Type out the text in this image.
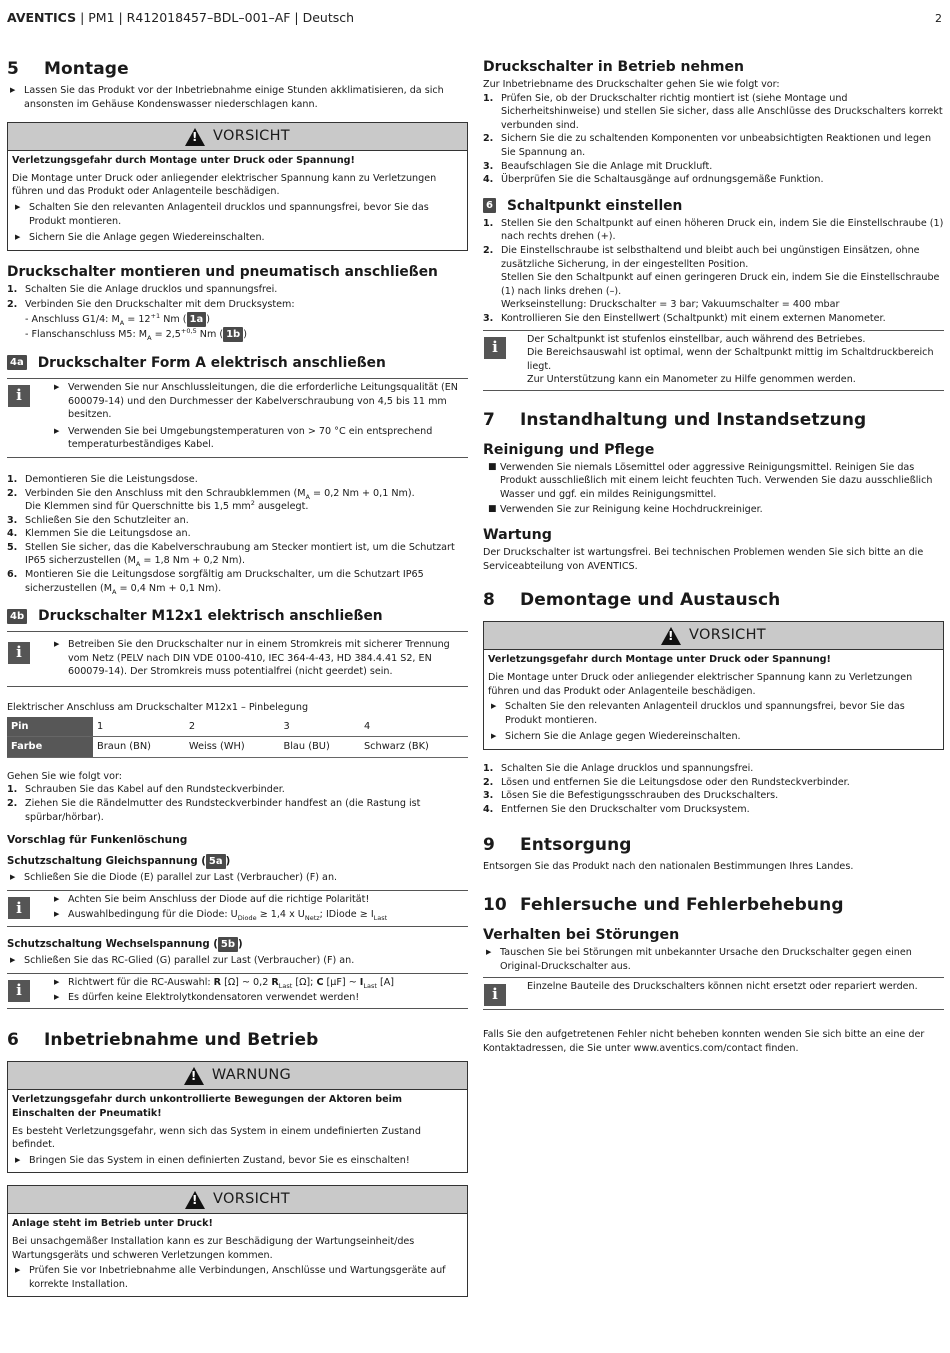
AVENTICS | PM1 | R412018457–BDL–001–AF | Deutsch	2
5	Montage
▶ Lassen Sie das Produkt vor der Inbetriebnahme einige Stunden akklimatisieren, da sich ansonsten im Gehäuse Kondenswasser niederschlagen kann.
! VORSICHT

Verletzungsgefahr durch Montage unter Druck oder Spannung!

Die Montage unter Druck oder anliegender elektrischer Spannung kann zu Verletzungen führen und das Produkt oder Anlagenteile beschädigen.

▶ Schalten Sie den relevanten Anlagenteil drucklos und spannungsfrei, bevor Sie das Produkt montieren.
▶ Sichern Sie die Anlage gegen Wiedereinschalten.
Druckschalter montieren und pneumatisch anschließen
1. Schalten Sie die Anlage drucklos und spannungsfrei.
2. Verbinden Sie den Druckschalter mit dem Drucksystem:
- Anschluss G1/4: $M_A = 12^{+1}$ Nm ( 1a )
- Flanschanschluss M5: $M_A = 2,5^{+0,5}$ Nm ( 1b )
4a Druckschalter Form A elektrisch anschließen
i	▶ Verwenden Sie nur Anschlussleitungen, die die erforderliche Leitungsqualität (EN 600079-14) und den Durchmesser der Kabelverschraubung von 4,5 bis 11 mm besitzen.
▶ Verwenden Sie bei Umgebungstemperaturen von > 70 °C ein entsprechend temperaturbeständiges Kabel.
1. Demontieren Sie die Leistungsdose.
2. Verbinden Sie den Anschluss mit den Schraubklemmen ($M_A = 0,2$ Nm + 0,1 Nm).
Die Klemmen sind für Querschnitte bis 1,5 $mm^2$ ausgelegt.
3. Schließen Sie den Schutzleiter an.
4. Klemmen Sie die Leitungsdose an.
5. Stellen Sie sicher, das die Kabelverschraubung am Stecker montiert ist, um die Schutzart IP65 sicherzustellen ($M_A = 1,8$ Nm + 0,2 Nm).
6. Montieren Sie die Leitungsdose sorgfältig am Druckschalter, um die Schutzart IP65 sicherzustellen ($M_A = 0,4$ Nm + 0,1 Nm).
4b Druckschalter M12x1 elektrisch anschließen
i	▶ Betreiben Sie den Druckschalter nur in einem Stromkreis mit sicherer Trennung vom Netz (PELV nach DIN VDE 0100-410, IEC 364-4-43, HD 384.4.41 S2, EN 600079-14). Der Stromkreis muss potentialfrei (nicht geerdet) sein.

Elektrischer Anschluss am Druckschalter M12x1 – Pinbelegung

Pin	1	2	3	4
Farbe	Braun (BN)	Weiss (WH)	Blau (BU)	Schwarz (BK)

Gehen Sie wie folgt vor:

1. Schrauben Sie das Kabel auf den Rundsteckverbinder.
2. Ziehen Sie die Rändelmutter des Rundsteckverbinder handfest an (die Rastung ist spürbar/hörbar).
Vorschlag für Funkenlöschung
Schutzschaltung Gleichspannung ( 5a )
▶ Schließen Sie die Diode (E) parallel zur Last (Verbraucher) (F) an.
i	▶ Achten Sie beim Anschluss der Diode auf die richtige Polarität!
▶ Auswahlbedingung für die Diode: $U_{Diode} \ge 1,4$ x $U_{Netz}$; IDiode ≥ $I_{Last}$
Schutzschaltung Wechselspannung ( 5b )
▶ Schließen Sie das RC-Glied (G) parallel zur Last (Verbraucher) (F) an.
i	▶ Richtwert für die RC-Auswahl: R [Ω] ~ 0,2 $R_{Last}$ [Ω]; C [µF] ~ $I_{Last}$ [A]
▶ Es dürfen keine Elektrolytkondensatoren verwendet werden!
6	Inbetriebnahme und Betrieb
! WARNUNG

Verletzungsgefahr durch unkontrollierte Bewegungen der Aktoren beim Einschalten der Pneumatik!

Es besteht Verletzungsgefahr, wenn sich das System in einem undefinierten Zustand befindet.

▶ Bringen Sie das System in einen definierten Zustand, bevor Sie es einschalten!
! VORSICHT

Anlage steht im Betrieb unter Druck!

Bei unsachgemäßer Installation kann es zur Beschädigung der Wartungseinheit/des Wartungsgeräts und schweren Verletzungen kommen.

▶ Prüfen Sie vor Inbetriebnahme alle Verbindungen, Anschlüsse und Wartungsgeräte auf korrekte Installation.
Druckschalter in Betrieb nehmen

Zur Inbetriebname des Druckschalter gehen Sie wie folgt vor:

1. Prüfen Sie, ob der Druckschalter richtig montiert ist (siehe Montage und Sicherheitshinweise) und stellen Sie sicher, dass alle Anschlüsse des Druckschalters korrekt verbunden sind.
2. Sichern Sie die zu schaltenden Komponenten vor unbeabsichtigten Reaktionen und legen Sie Spannung an.
3. Beaufschlagen Sie die Anlage mit Druckluft.
4. Überprüfen Sie die Schaltausgänge auf ordnungsgemäße Funktion.
6 Schaltpunkt einstellen
1. Stellen Sie den Schaltpunkt auf einen höheren Druck ein, indem Sie die Einstellschraube (1) nach rechts drehen (+).
2. Die Einstellschraube ist selbsthaltend und bleibt auch bei ungünstigen Einsätzen, ohne zusätzliche Sicherung, in der eingestellten Position.
Stellen Sie den Schaltpunkt auf einen geringeren Druck ein, indem Sie die Einstellschraube (1) nach links drehen (–).
Werkseinstellung: Druckschalter = 3 bar; Vakuumschalter = 400 mbar
3. Kontrollieren Sie den Einstellwert (Schaltpunkt) mit einem externen Manometer.
i	Der Schaltpunkt ist stufenlos einstellbar, auch während des Betriebes.

Die Bereichsauswahl ist optimal, wenn der Schaltpunkt mittig im Schaltdruckbereich liegt.

Zur Unterstützung kann ein Manometer zu Hilfe genommen werden.

7	Instandhaltung und Instandsetzung
Reinigung und Pflege
■ Verwenden Sie niemals Lösemittel oder aggressive Reinigungsmittel. Reinigen Sie das Produkt ausschließlich mit einem leicht feuchten Tuch. Verwenden Sie dazu ausschließlich Wasser und ggf. ein mildes Reinigungsmittel.
■ Verwenden Sie zur Reinigung keine Hochdruckreiniger.
Wartung

Der Druckschalter ist wartungsfrei. Bei technischen Problemen wenden Sie sich bitte an die Serviceabteilung von AVENTICS.

8	Demontage und Austausch
! VORSICHT

Verletzungsgefahr durch Montage unter Druck oder Spannung!

Die Montage unter Druck oder anliegender elektrischer Spannung kann zu Verletzungen führen und das Produkt oder Anlagenteile beschädigen.

▶ Schalten Sie den relevanten Anlagenteil drucklos und spannungsfrei, bevor Sie das Produkt montieren.
▶ Sichern Sie die Anlage gegen Wiedereinschalten.
1. Schalten Sie die Anlage drucklos und spannungsfrei.
2. Lösen und entfernen Sie die Leitungsdose oder den Rundsteckverbinder.
3. Lösen Sie die Befestigungsschrauben des Druckschalters.
4. Entfernen Sie den Druckschalter vom Drucksystem.
9	Entsorgung

Entsorgen Sie das Produkt nach den nationalen Bestimmungen Ihres Landes.

10 Fehlersuche und Fehlerbehebung
Verhalten bei Störungen
▶ Tauschen Sie bei Störungen mit unbekannter Ursache den Druckschalter gegen einen Original-Druckschalter aus.
i	Einzelne Bauteile des Druckschalters können nicht ersetzt oder repariert werden.

Falls Sie den aufgetretenen Fehler nicht beheben konnten wenden Sie sich bitte an eine der Kontaktadressen, die Sie unter www.aventics.com/contact finden.
